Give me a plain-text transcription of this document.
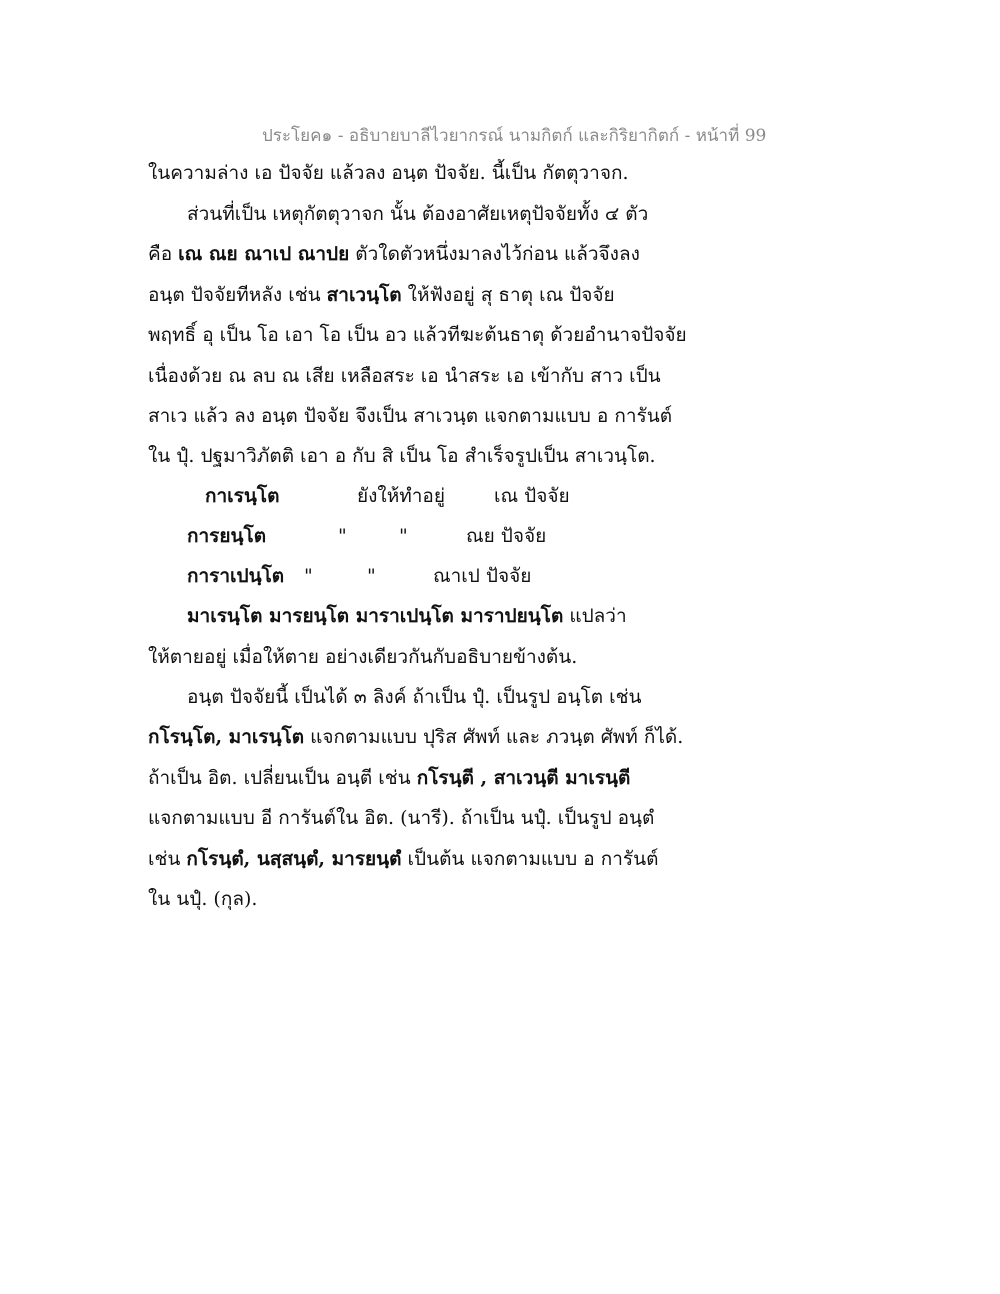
ประโยค๑ - อธิบายบาลีไวยากรณ์ นามกิตก์ และกิริยากิตก์ - หน้าที่ 99
ในความล่าง เอ ปัจจัย แล้วลง อนฺต ปัจจัย. นี้เป็น กัตตุวาจก.
ส่วนที่เป็น เหตุกัตตุวาจก นั้น ต้องอาศัยเหตุปัจจัยทั้ง ๔ ตัว
คือ เณ ณย ณาเป ณาปย ตัวใดตัวหนึ่งมาลงไว้ก่อน แล้วจึงลง
อนฺต ปัจจัยทีหลัง เช่น สาเวนฺโต ให้ฟังอยู่ สุ ธาตุ เณ ปัจจัย
พฤทธิ์ อุ เป็น โอ เอา โอ เป็น อว แล้วทีฆะต้นธาตุ ด้วยอำนาจปัจจัย
เนื่องด้วย ณ ลบ ณ เสีย เหลือสระ เอ นำสระ เอ เข้ากับ สาว เป็น
สาเว แล้ว ลง อนฺต ปัจจัย จึงเป็น สาเวนฺต แจกตามแบบ อ การันต์
ใน ปุํ. ปฐมาวิภัตติ เอา อ กับ สิ เป็น โอ สำเร็จรูปเป็น สาเวนฺโต.
กาเรนฺโต	ยังให้ทำอยู่	เณ ปัจจัย
การยนฺโต	"	"	ณย ปัจจัย
การาเปนฺโต "	"	ณาเป ปัจจัย
มาเรนฺโต มารยนฺโต มาราเปนฺโต มาราปยนฺโต แปลว่า
ให้ตายอยู่ เมื่อให้ตาย อย่างเดียวกันกับอธิบายข้างต้น.
อนฺต ปัจจัยนี้ เป็นได้ ๓ ลิงค์ ถ้าเป็น ปุํ. เป็นรูป อนฺโต เช่น
กโรนฺโต, มาเรนฺโต แจกตามแบบ ปุริส ศัพท์ และ ภวนฺต ศัพท์ ก็ได้.
ถ้าเป็น อิต. เปลี่ยนเป็น อนฺตี เช่น กโรนฺตี , สาเวนฺตี มาเรนฺตี
แจกตามแบบ อี การันต์ใน อิต. (นารี). ถ้าเป็น นปุํ. เป็นรูป อนฺตํ
เช่น กโรนฺตํ, นสฺสนฺตํ, มารยนฺตํ เป็นต้น แจกตามแบบ อ การันต์
ใน นปุํ. (กุล).
